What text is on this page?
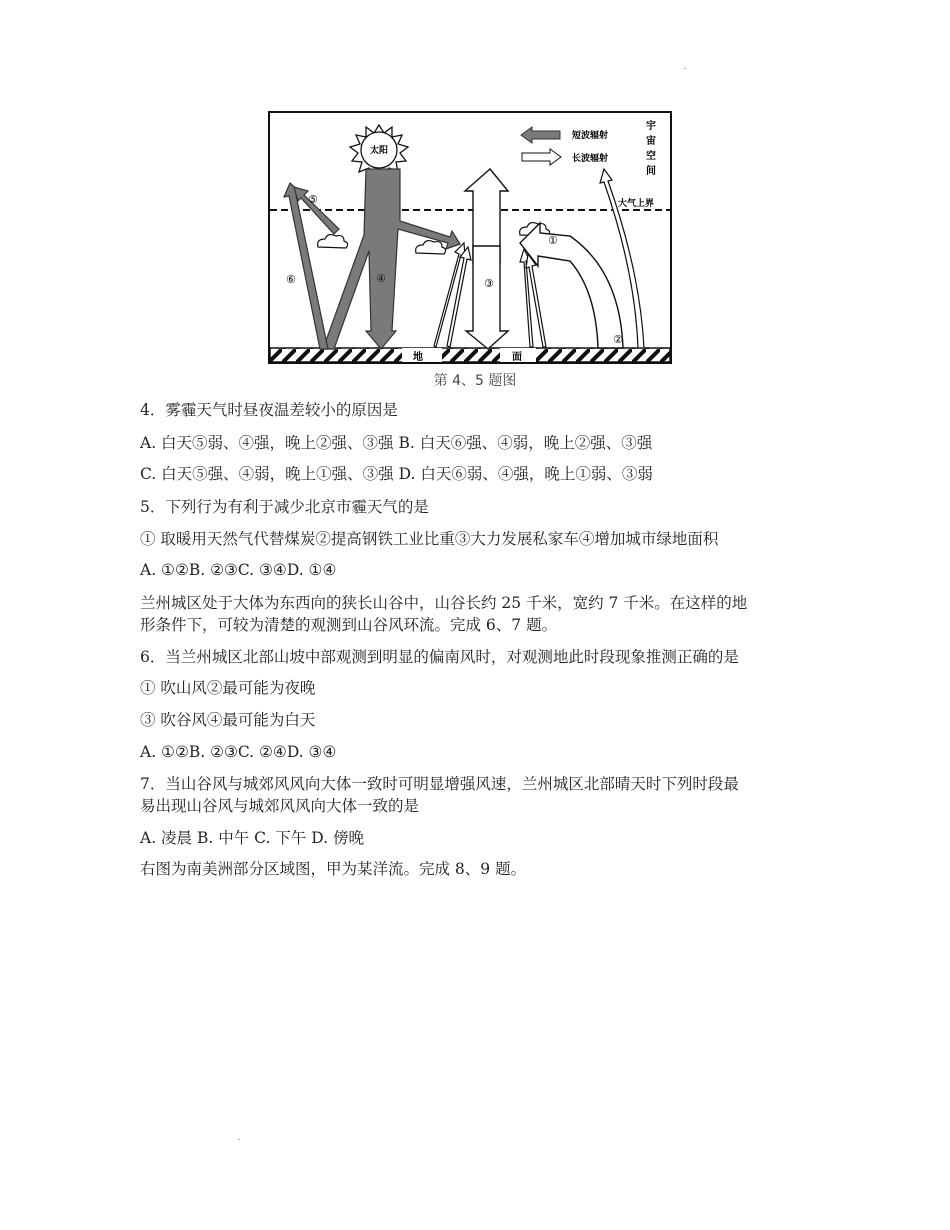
地	面
大气上界
太阳
④
⑥
⑤
③
①
②
短波辐射
长波辐射
宇
宙
空
间
第 4、5 题图
4．雾霾天气时昼夜温差较小的原因是
A. 白天⑤弱、④强，晚上②强、③强 B. 白天⑥强、④弱，晚上②强、③强
C. 白天⑤强、④弱，晚上①强、③强 D. 白天⑥弱、④强，晚上①弱、③弱
5．下列行为有利于减少北京市霾天气的是
① 取暖用天然气代替煤炭②提高钢铁工业比重③大力发展私家车④增加城市绿地面积
A. ①②B. ②③C. ③④D. ①④
兰州城区处于大体为东西向的狭长山谷中，山谷长约 25 千米，宽约 7 千米。在这样的地
形条件下，可较为清楚的观测到山谷风环流。完成 6、7 题。
6．当兰州城区北部山坡中部观测到明显的偏南风时，对观测地此时段现象推测正确的是
① 吹山风②最可能为夜晚
③ 吹谷风④最可能为白天
A. ①②B. ②③C. ②④D. ③④
7．当山谷风与城郊风风向大体一致时可明显增强风速，兰州城区北部晴天时下列时段最
易出现山谷风与城郊风风向大体一致的是
A. 凌晨 B. 中午 C. 下午 D. 傍晚
右图为南美洲部分区域图，甲为某洋流。完成 8、9 题。
